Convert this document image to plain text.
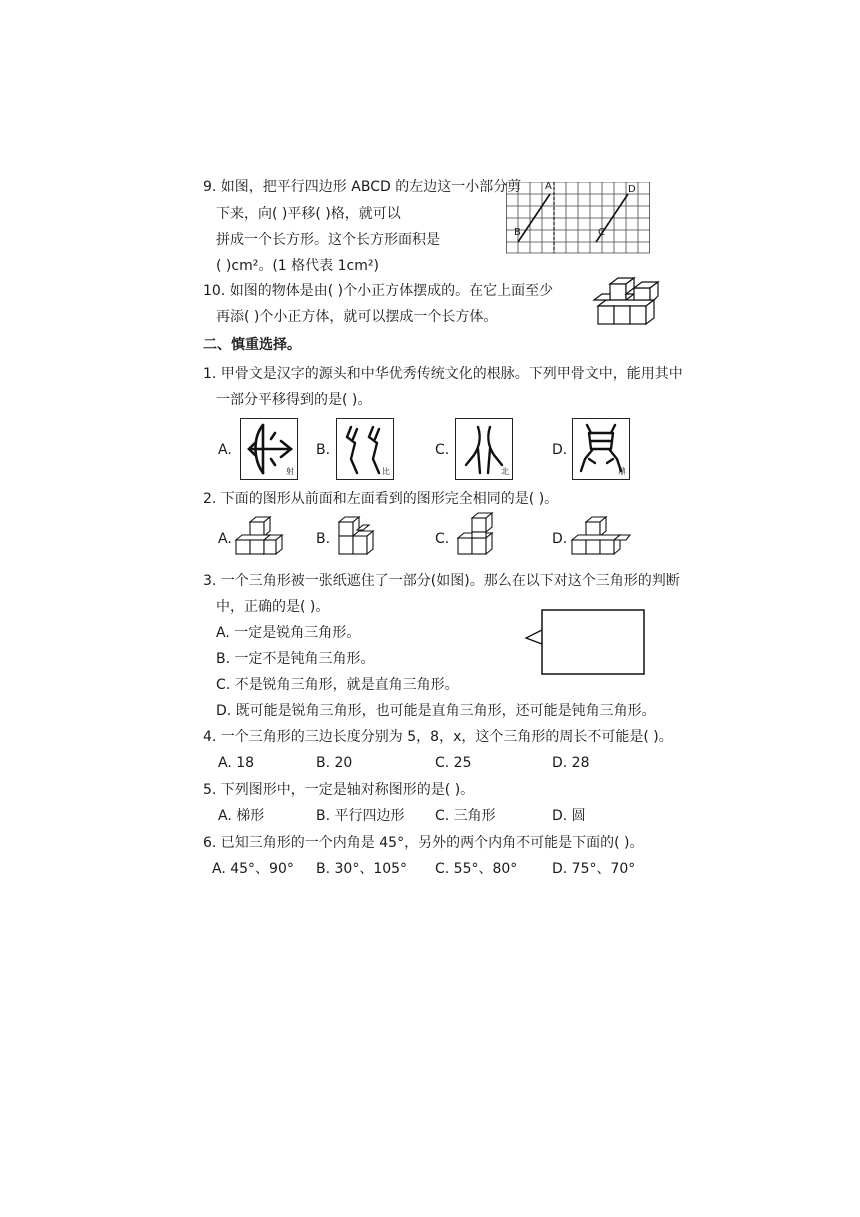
9. 如图，把平行四边形 ABCD 的左边这一小部分剪
下来，向( )平移( )格，就可以
拼成一个长方形。这个长方形面积是
( )cm²。(1 格代表 1cm²)
A	D
B	C
10. 如图的物体是由( )个小正方体摆成的。在它上面至少
再添( )个小正方体，就可以摆成一个长方体。
二、慎重选择。
1. 甲骨文是汉字的源头和中华优秀传统文化的根脉。下列甲骨文中，能用其中
一部分平移得到的是( )。
A.	B.	C.	D.
射	比	北	鼎
2. 下面的图形从前面和左面看到的图形完全相同的是( )。
A.	B.	C.	D.
3. 一个三角形被一张纸遮住了一部分(如图)。那么在以下对这个三角形的判断
中，正确的是( )。
A. 一定是锐角三角形。
B. 一定不是钝角三角形。
C. 不是锐角三角形，就是直角三角形。
D. 既可能是锐角三角形，也可能是直角三角形，还可能是钝角三角形。
4. 一个三角形的三边长度分别为 5，8，x，这个三角形的周长不可能是( )。
A. 18	B. 20	C. 25	D. 28
5. 下列图形中，一定是轴对称图形的是( )。
A. 梯形	B. 平行四边形 C. 三角形	D. 圆
6. 已知三角形的一个内角是 45°，另外的两个内角不可能是下面的( )。
A. 45°、90° B. 30°、105° C. 55°、80° D. 75°、70°
